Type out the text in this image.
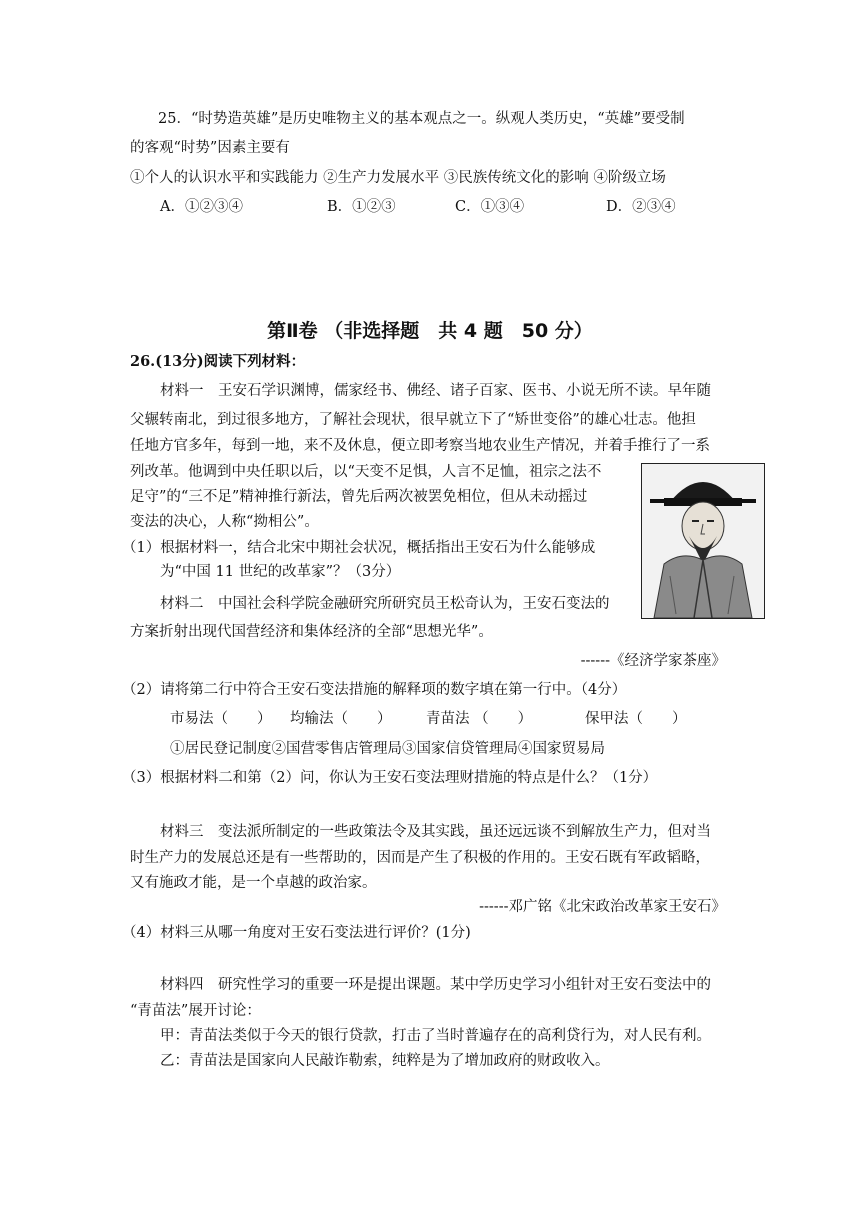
25．“时势造英雄”是历史唯物主义的基本观点之一。纵观人类历史，“英雄”要受制
的客观“时势”因素主要有
①个人的认识水平和实践能力 ②生产力发展水平 ③民族传统文化的影响 ④阶级立场
A．①②③④	B．①②③	C．①③④	D．②③④
第Ⅱ卷 （非选择题　共 4 题　50 分）
26.(13分)阅读下列材料：
材料一　王安石学识渊博，儒家经书、佛经、诸子百家、医书、小说无所不读。早年随
父辗转南北，到过很多地方，了解社会现状，很早就立下了“矫世变俗”的雄心壮志。他担
任地方官多年，每到一地，来不及休息，便立即考察当地农业生产情况，并着手推行了一系
列改革。他调到中央任职以后，以“天变不足惧，人言不足恤，祖宗之法不
足守”的“三不足”精神推行新法，曾先后两次被罢免相位，但从未动摇过
变法的决心，人称“拗相公”。
（1）根据材料一，结合北宋中期社会状况，概括指出王安石为什么能够成
为“中国 11 世纪的改革家”？（3分）
材料二　中国社会科学院金融研究所研究员王松奇认为，王安石变法的
方案折射出现代国营经济和集体经济的全部“思想光华”。
------《经济学家茶座》
（2）请将第二行中符合王安石变法措施的解释项的数字填在第一行中。（4分）
市易法（　　） 均输法（　　） 青苗法 （　　）	保甲法（　　）
①居民登记制度②国营零售店管理局③国家信贷管理局④国家贸易局
（3）根据材料二和第（2）问，你认为王安石变法理财措施的特点是什么？（1分）
材料三　变法派所制定的一些政策法令及其实践，虽还远远谈不到解放生产力，但对当
时生产力的发展总还是有一些帮助的，因而是产生了积极的作用的。王安石既有军政韬略，
又有施政才能，是一个卓越的政治家。
------邓广铭《北宋政治改革家王安石》
（4）材料三从哪一角度对王安石变法进行评价？(1分)
材料四　研究性学习的重要一环是提出课题。某中学历史学习小组针对王安石变法中的
“青苗法”展开讨论：
甲：青苗法类似于今天的银行贷款，打击了当时普遍存在的高利贷行为，对人民有利。
乙：青苗法是国家向人民敲诈勒索，纯粹是为了增加政府的财政收入。
